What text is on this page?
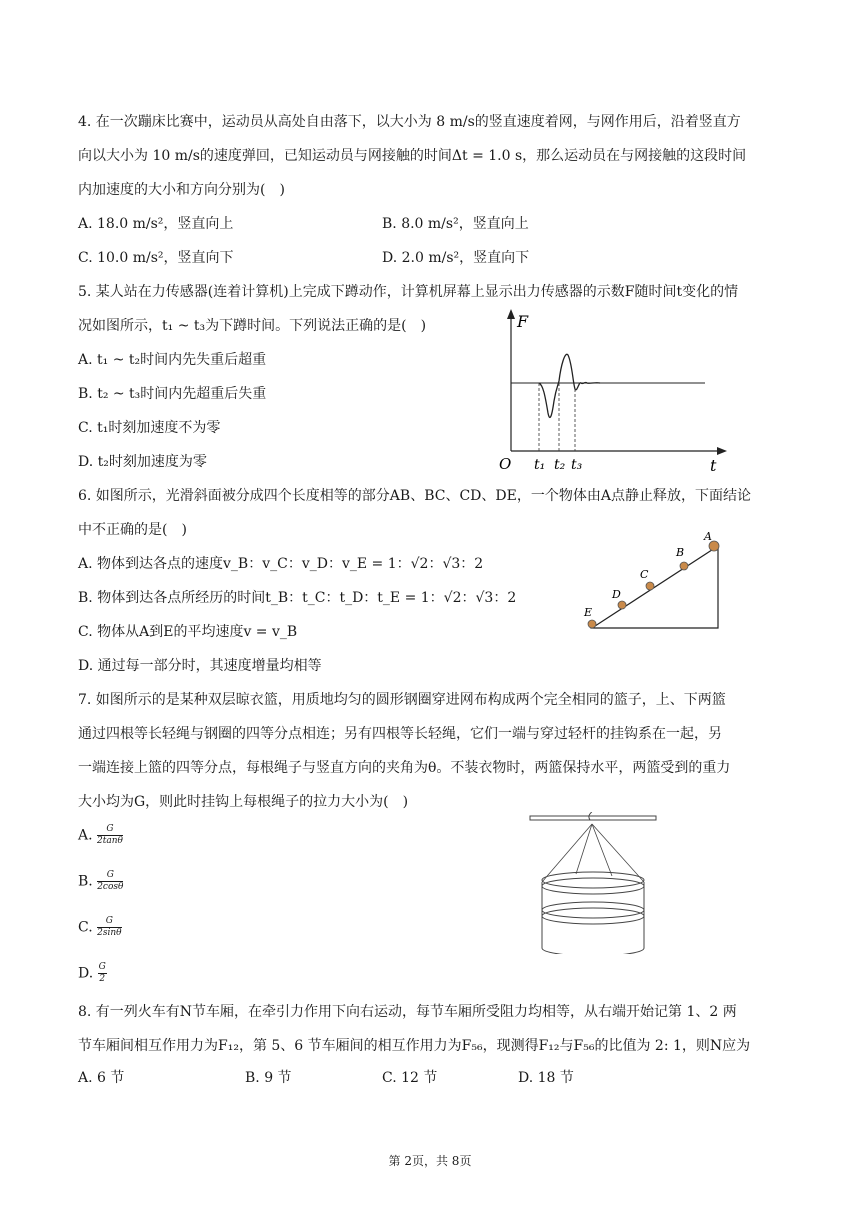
4. 在一次蹦床比赛中，运动员从高处自由落下，以大小为 8 m/s的竖直速度着网，与网作用后，沿着竖直方
向以大小为 10 m/s的速度弹回，已知运动员与网接触的时间Δt = 1.0 s，那么运动员在与网接触的这段时间
内加速度的大小和方向分别为(　)
A. 18.0 m/s²，竖直向上	B. 8.0 m/s²，竖直向上
C. 10.0 m/s²，竖直向下	D. 2.0 m/s²，竖直向下
5. 某人站在力传感器(连着计算机)上完成下蹲动作，计算机屏幕上显示出力传感器的示数F随时间t变化的情
况如图所示，t₁ ~ t₃为下蹲时间。下列说法正确的是(　)
A. t₁ ~ t₂时间内先失重后超重
B. t₂ ~ t₃时间内先超重后失重
C. t₁时刻加速度不为零
D. t₂时刻加速度为零
F
t
O t₁ t₂ t₃
6. 如图所示，光滑斜面被分成四个长度相等的部分AB、BC、CD、DE，一个物体由A点静止释放，下面结论
中不正确的是(　)
A. 物体到达各点的速度v_B：v_C：v_D：v_E = 1：√2：√3：2
B. 物体到达各点所经历的时间t_B：t_C：t_D：t_E = 1：√2：√3：2
C. 物体从A到E的平均速度v = v_B
D. 通过每一部分时，其速度增量均相等
A
B
C
D
E
7. 如图所示的是某种双层晾衣篮，用质地均匀的圆形钢圈穿进网布构成两个完全相同的篮子，上、下两篮
通过四根等长轻绳与钢圈的四等分点相连；另有四根等长轻绳，它们一端与穿过轻杆的挂钩系在一起，另
一端连接上篮的四等分点，每根绳子与竖直方向的夹角为θ。不装衣物时，两篮保持水平，两篮受到的重力
大小均为G，则此时挂钩上每根绳子的拉力大小为(　)
A. $\frac{G}{2\tan\theta}$
B. $\frac{G}{2\cos\theta}$
C. $\frac{G}{2\sin\theta}$
D. $\frac{G}{2}$
8. 有一列火车有N节车厢，在牵引力作用下向右运动，每节车厢所受阻力均相等，从右端开始记第 1、2 两
节车厢间相互作用力为F₁₂，第 5、6 节车厢间的相互作用力为F₅₆，现测得F₁₂与F₅₆的比值为 2: 1，则N应为
A. 6 节	B. 9 节	C. 12 节	D. 18 节
第 2页，共 8页
